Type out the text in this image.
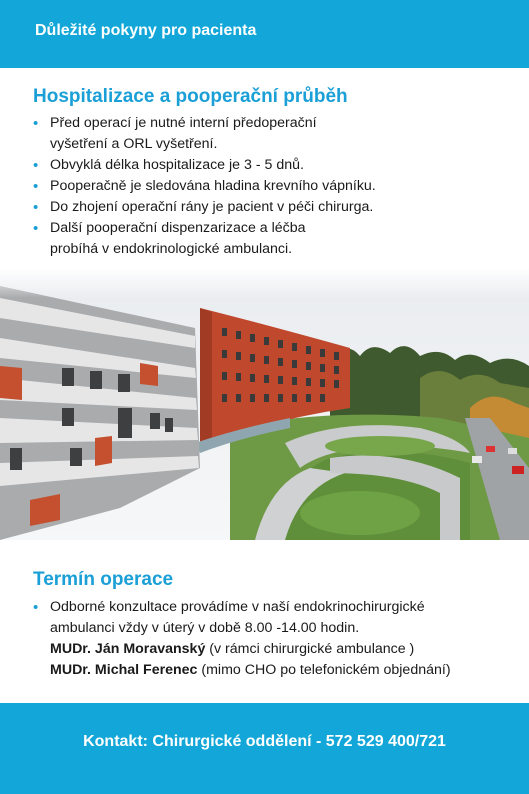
Důležité pokyny pro pacienta
Hospitalizace a pooperační průběh
• Před operací je nutné interní předoperační
vyšetření a ORL vyšetření.
• Obvyklá délka hospitalizace je 3 - 5 dnů.
• Pooperačně je sledována hladina krevního vápníku.
• Do zhojení operační rány je pacient v péči chirurga.
• Další pooperační dispenzarizace a léčba
probíhá v endokrinologické ambulanci.
Termín operace
• Odborné konzultace provádíme v naší endokrinochirurgické
ambulanci vždy v úterý v době 8.00 -14.00 hodin.
MUDr. Ján Moravanský (v rámci chirurgické ambulance )
MUDr. Michal Ferenec (mimo CHO po telefonickém objednání)
Kontakt: Chirurgické oddělení - 572 529 400/721
